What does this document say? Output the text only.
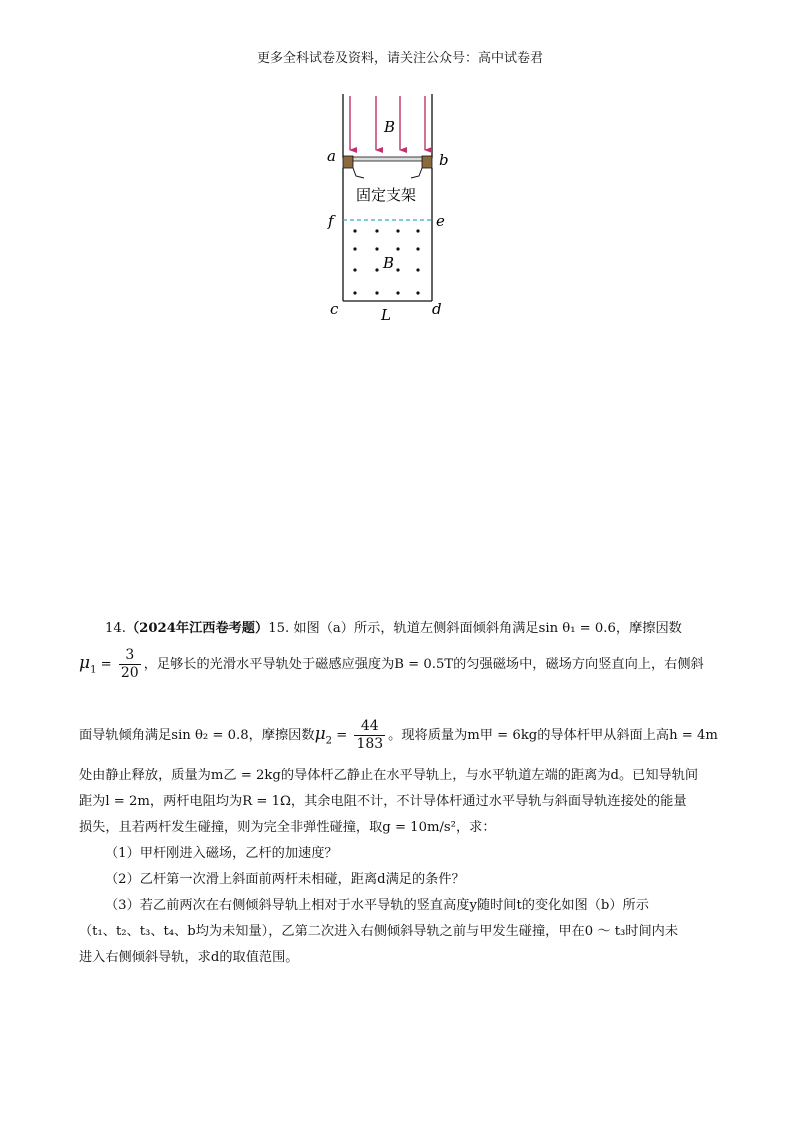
更多全科试卷及资料，请关注公众号：高中试卷君
B
固定支架
B
a	b
f	e
c	d
L

14.（2024年江西卷考题）15. 如图（a）所示，轨道左侧斜面倾斜角满足sin θ₁ = 0.6，摩擦因数

$\mu_1 = \frac{3}{20}$ ，足够长的光滑水平导轨处于磁感应强度为B = 0.5T的匀强磁场中，磁场方向竖直向上，右侧斜

面导轨倾角满足sin θ₂ = 0.8，摩擦因数$\mu_2 = \frac{44}{183}$ 。现将质量为m甲 = 6kg的导体杆甲从斜面上高h = 4m

处由静止释放，质量为m乙 = 2kg的导体杆乙静止在水平导轨上，与水平轨道左端的距离为d。已知导轨间

距为l = 2m，两杆电阻均为R = 1Ω，其余电阻不计，不计导体杆通过水平导轨与斜面导轨连接处的能量

损失，且若两杆发生碰撞，则为完全非弹性碰撞，取g = 10m/s²，求：

（1）甲杆刚进入磁场，乙杆的加速度？

（2）乙杆第一次滑上斜面前两杆未相碰，距离d满足的条件？

（3）若乙前两次在右侧倾斜导轨上相对于水平导轨的竖直高度y随时间t的变化如图（b）所示

（t₁、t₂、t₃、t₄、b均为未知量），乙第二次进入右侧倾斜导轨之前与甲发生碰撞，甲在0 ～ t₃时间内未

进入右侧倾斜导轨，求d的取值范围。
